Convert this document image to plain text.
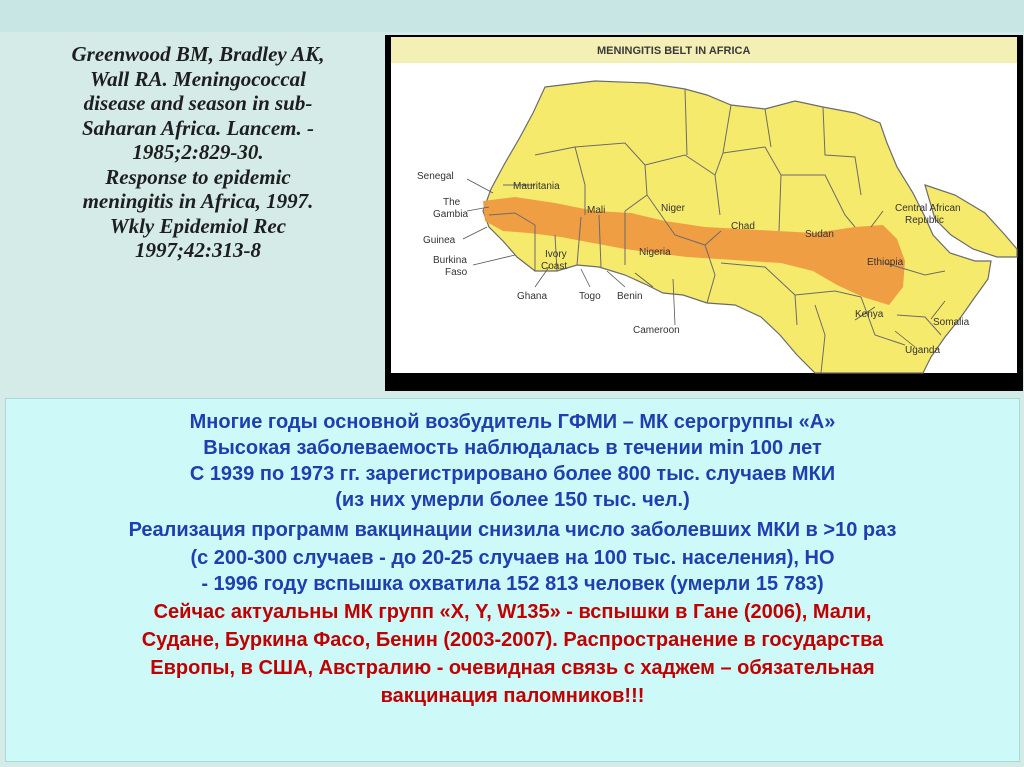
Greenwood BM, Bradley AK,
Wall RA. Meningococcal
disease and season in sub-
Saharan Africa. Lancem. -
1985;2:829-30.
Response to epidemic
meningitis in Africa, 1997.
Wkly Epidemiol Rec
1997;42:313-8
MENINGITIS BELT IN AFRICA
Senegal
The
Gambia
Guinea
Burkina
Faso
Ghana	Togo Benin
Cameroon
Mauritania
Mali	Niger
Chad
Sudan
Nigeria
Ivory
Coast
Central African
Republic
Ethiopia
Kenya
Somalia
Uganda
Многие годы основной возбудитель ГФМИ – МК серогруппы «А»
Высокая заболеваемость наблюдалась в течении min 100 лет
С 1939 по 1973 гг. зарегистрировано более 800 тыс. случаев МКИ
(из них умерли более 150 тыс. чел.)
Реализация программ вакцинации снизила число заболевших МКИ в >10 раз
(с 200-300 случаев - до 20-25 случаев на 100 тыс. населения), НО
- 1996 году вспышка охватила 152 813 человек (умерли 15 783)
Сейчас актуальны МК групп «Х, Y, W135» - вспышки в Гане (2006), Мали,
Судане, Буркина Фасо, Бенин (2003-2007). Распространение в государства
Европы, в США, Австралию - очевидная связь с хаджем – обязательная
вакцинация паломников!!!
